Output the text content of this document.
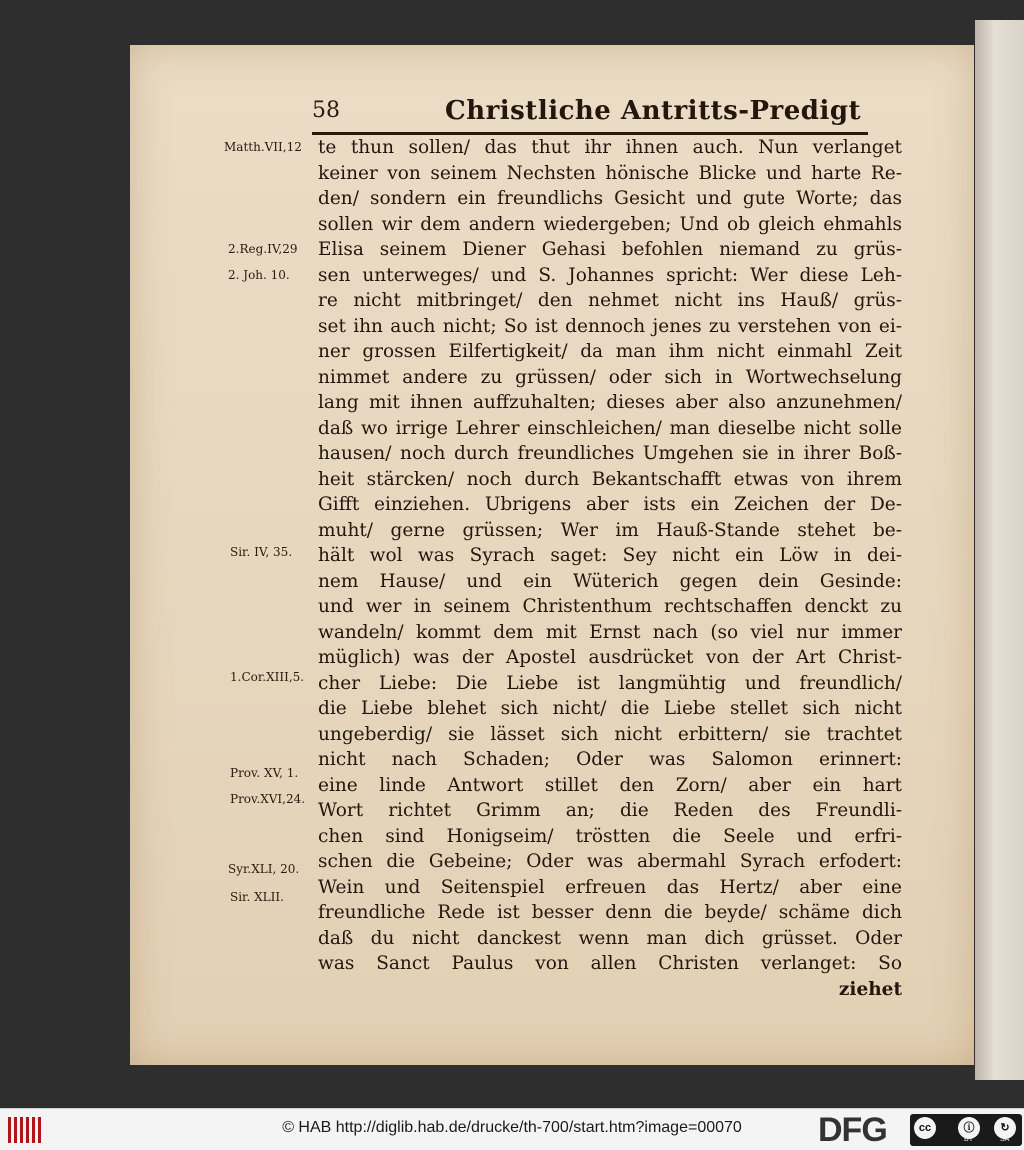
58	Christliche Antritts-Predigt
Matth.VII,12
2.Reg.IV,29
2. Joh. 10.
Sir. IV, 35.
1.Cor.XIII,5.
Prov. XV, 1.
Prov.XVI,24.
Syr.XLI, 20.
Sir. XLII.
te thun sollen/ das thut ihr ihnen auch. Nun verlanget
keiner von seinem Nechsten hönische Blicke und harte Re-
den/ sondern ein freundlichs Gesicht und gute Worte; das
sollen wir dem andern wiedergeben; Und ob gleich ehmahls
Elisa seinem Diener Gehasi befohlen niemand zu grüs-
sen unterweges/ und S. Johannes spricht: Wer diese Leh-
re nicht mitbringet/ den nehmet nicht ins Hauß/ grüs-
set ihn auch nicht; So ist dennoch jenes zu verstehen von ei-
ner grossen Eilfertigkeit/ da man ihm nicht einmahl Zeit
nimmet andere zu grüssen/ oder sich in Wortwechselung
lang mit ihnen auffzuhalten; dieses aber also anzunehmen/
daß wo irrige Lehrer einschleichen/ man dieselbe nicht solle
hausen/ noch durch freundliches Umgehen sie in ihrer Boß-
heit stärcken/ noch durch Bekantschafft etwas von ihrem
Gifft einziehen. Ubrigens aber ists ein Zeichen der De-
muht/ gerne grüssen; Wer im Hauß-Stande stehet be-
hält wol was Syrach saget: Sey nicht ein Löw in dei-
nem Hause/ und ein Wüterich gegen dein Gesinde:
und wer in seinem Christenthum rechtschaffen denckt zu
wandeln/ kommt dem mit Ernst nach (so viel nur immer
müglich) was der Apostel ausdrücket von der Art Christ-
cher Liebe: Die Liebe ist langmühtig und freundlich/
die Liebe blehet sich nicht/ die Liebe stellet sich nicht
ungeberdig/ sie lässet sich nicht erbittern/ sie trachtet
nicht nach Schaden; Oder was Salomon erinnert:
eine linde Antwort stillet den Zorn/ aber ein hart
Wort richtet Grimm an; die Reden des Freundli-
chen sind Honigseim/ tröstten die Seele und erfri-
schen die Gebeine; Oder was abermahl Syrach erfodert:
Wein und Seitenspiel erfreuen das Hertz/ aber eine
freundliche Rede ist besser denn die beyde/ schäme dich
daß du nicht danckest wenn man dich grüsset. Oder
was Sanct Paulus von allen Christen verlanget: So
ziehet
© HAB http://diglib.hab.de/drucke/th-700/start.htm?image=00070	DFG	cc	ⓘ	↻
BY	SA
